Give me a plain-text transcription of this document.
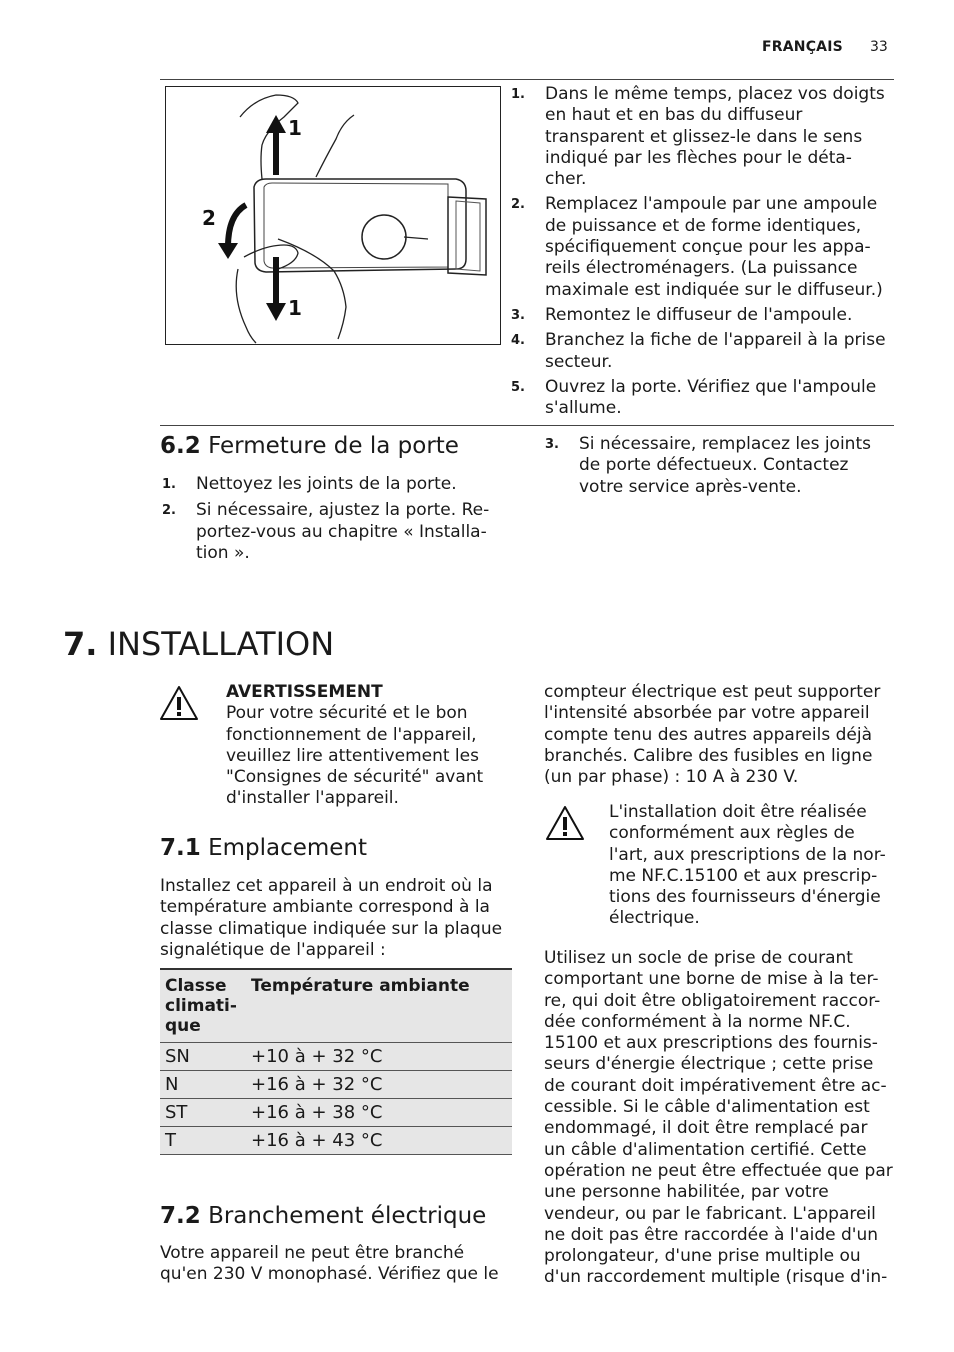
FRANÇAIS 33
1
2
1
1. Dans le même temps, placez vos doigts en haut et en bas du diffuseur transparent et glissez-le dans le sens indiqué par les flèches pour le déta-cher.
2. Remplacez l'ampoule par une ampoule de puissance et de forme identiques, spécifiquement conçue pour les appa-reils électroménagers. (La puissance maximale est indiquée sur le diffuseur.)
3. Remontez le diffuseur de l'ampoule.
4. Branchez la fiche de l'appareil à la prise secteur.
5. Ouvrez la porte. Vérifiez que l'ampoule s'allume.
6.2 Fermeture de la porte
1. Nettoyez les joints de la porte.
2. Si nécessaire, ajustez la porte. Re-portez-vous au chapitre « Installa-tion ».
3. Si nécessaire, remplacez les joints de porte défectueux. Contactez votre service après-vente.
7. INSTALLATION
AVERTISSEMENT
Pour votre sécurité et le bon fonctionnement de l'appareil, veuillez lire attentivement les "Consignes de sécurité" avant d'installer l'appareil.
7.1 Emplacement
Installez cet appareil à un endroit où la température ambiante correspond à la classe climatique indiquée sur la plaque signalétique de l'appareil :
Classe climati-que	Température ambiante
SN	+10 à + 32 °C
N	+16 à + 32 °C
ST	+16 à + 38 °C
T	+16 à + 43 °C
7.2 Branchement électrique
Votre appareil ne peut être branché qu'en 230 V monophasé. Vérifiez que le
compteur électrique est peut supporter l'intensité absorbée par votre appareil compte tenu des autres appareils déjà branchés. Calibre des fusibles en ligne (un par phase) : 10 A à 230 V.
L'installation doit être réalisée conformément aux règles de l'art, aux prescriptions de la nor-me NF.C.15100 et aux prescrip-tions des fournisseurs d'énergie électrique.
Utilisez un socle de prise de courant comportant une borne de mise à la ter-re, qui doit être obligatoirement raccor-dée conformément à la norme NF.C. 15100 et aux prescriptions des fournis-seurs d'énergie électrique ; cette prise de courant doit impérativement être ac-cessible. Si le câble d'alimentation est endommagé, il doit être remplacé par un câble d'alimentation certifié. Cette opération ne peut être effectuée que par une personne habilitée, par votre vendeur, ou par le fabricant. L'appareil ne doit pas être raccordée à l'aide d'un prolongateur, d'une prise multiple ou d'un raccordement multiple (risque d'in-
